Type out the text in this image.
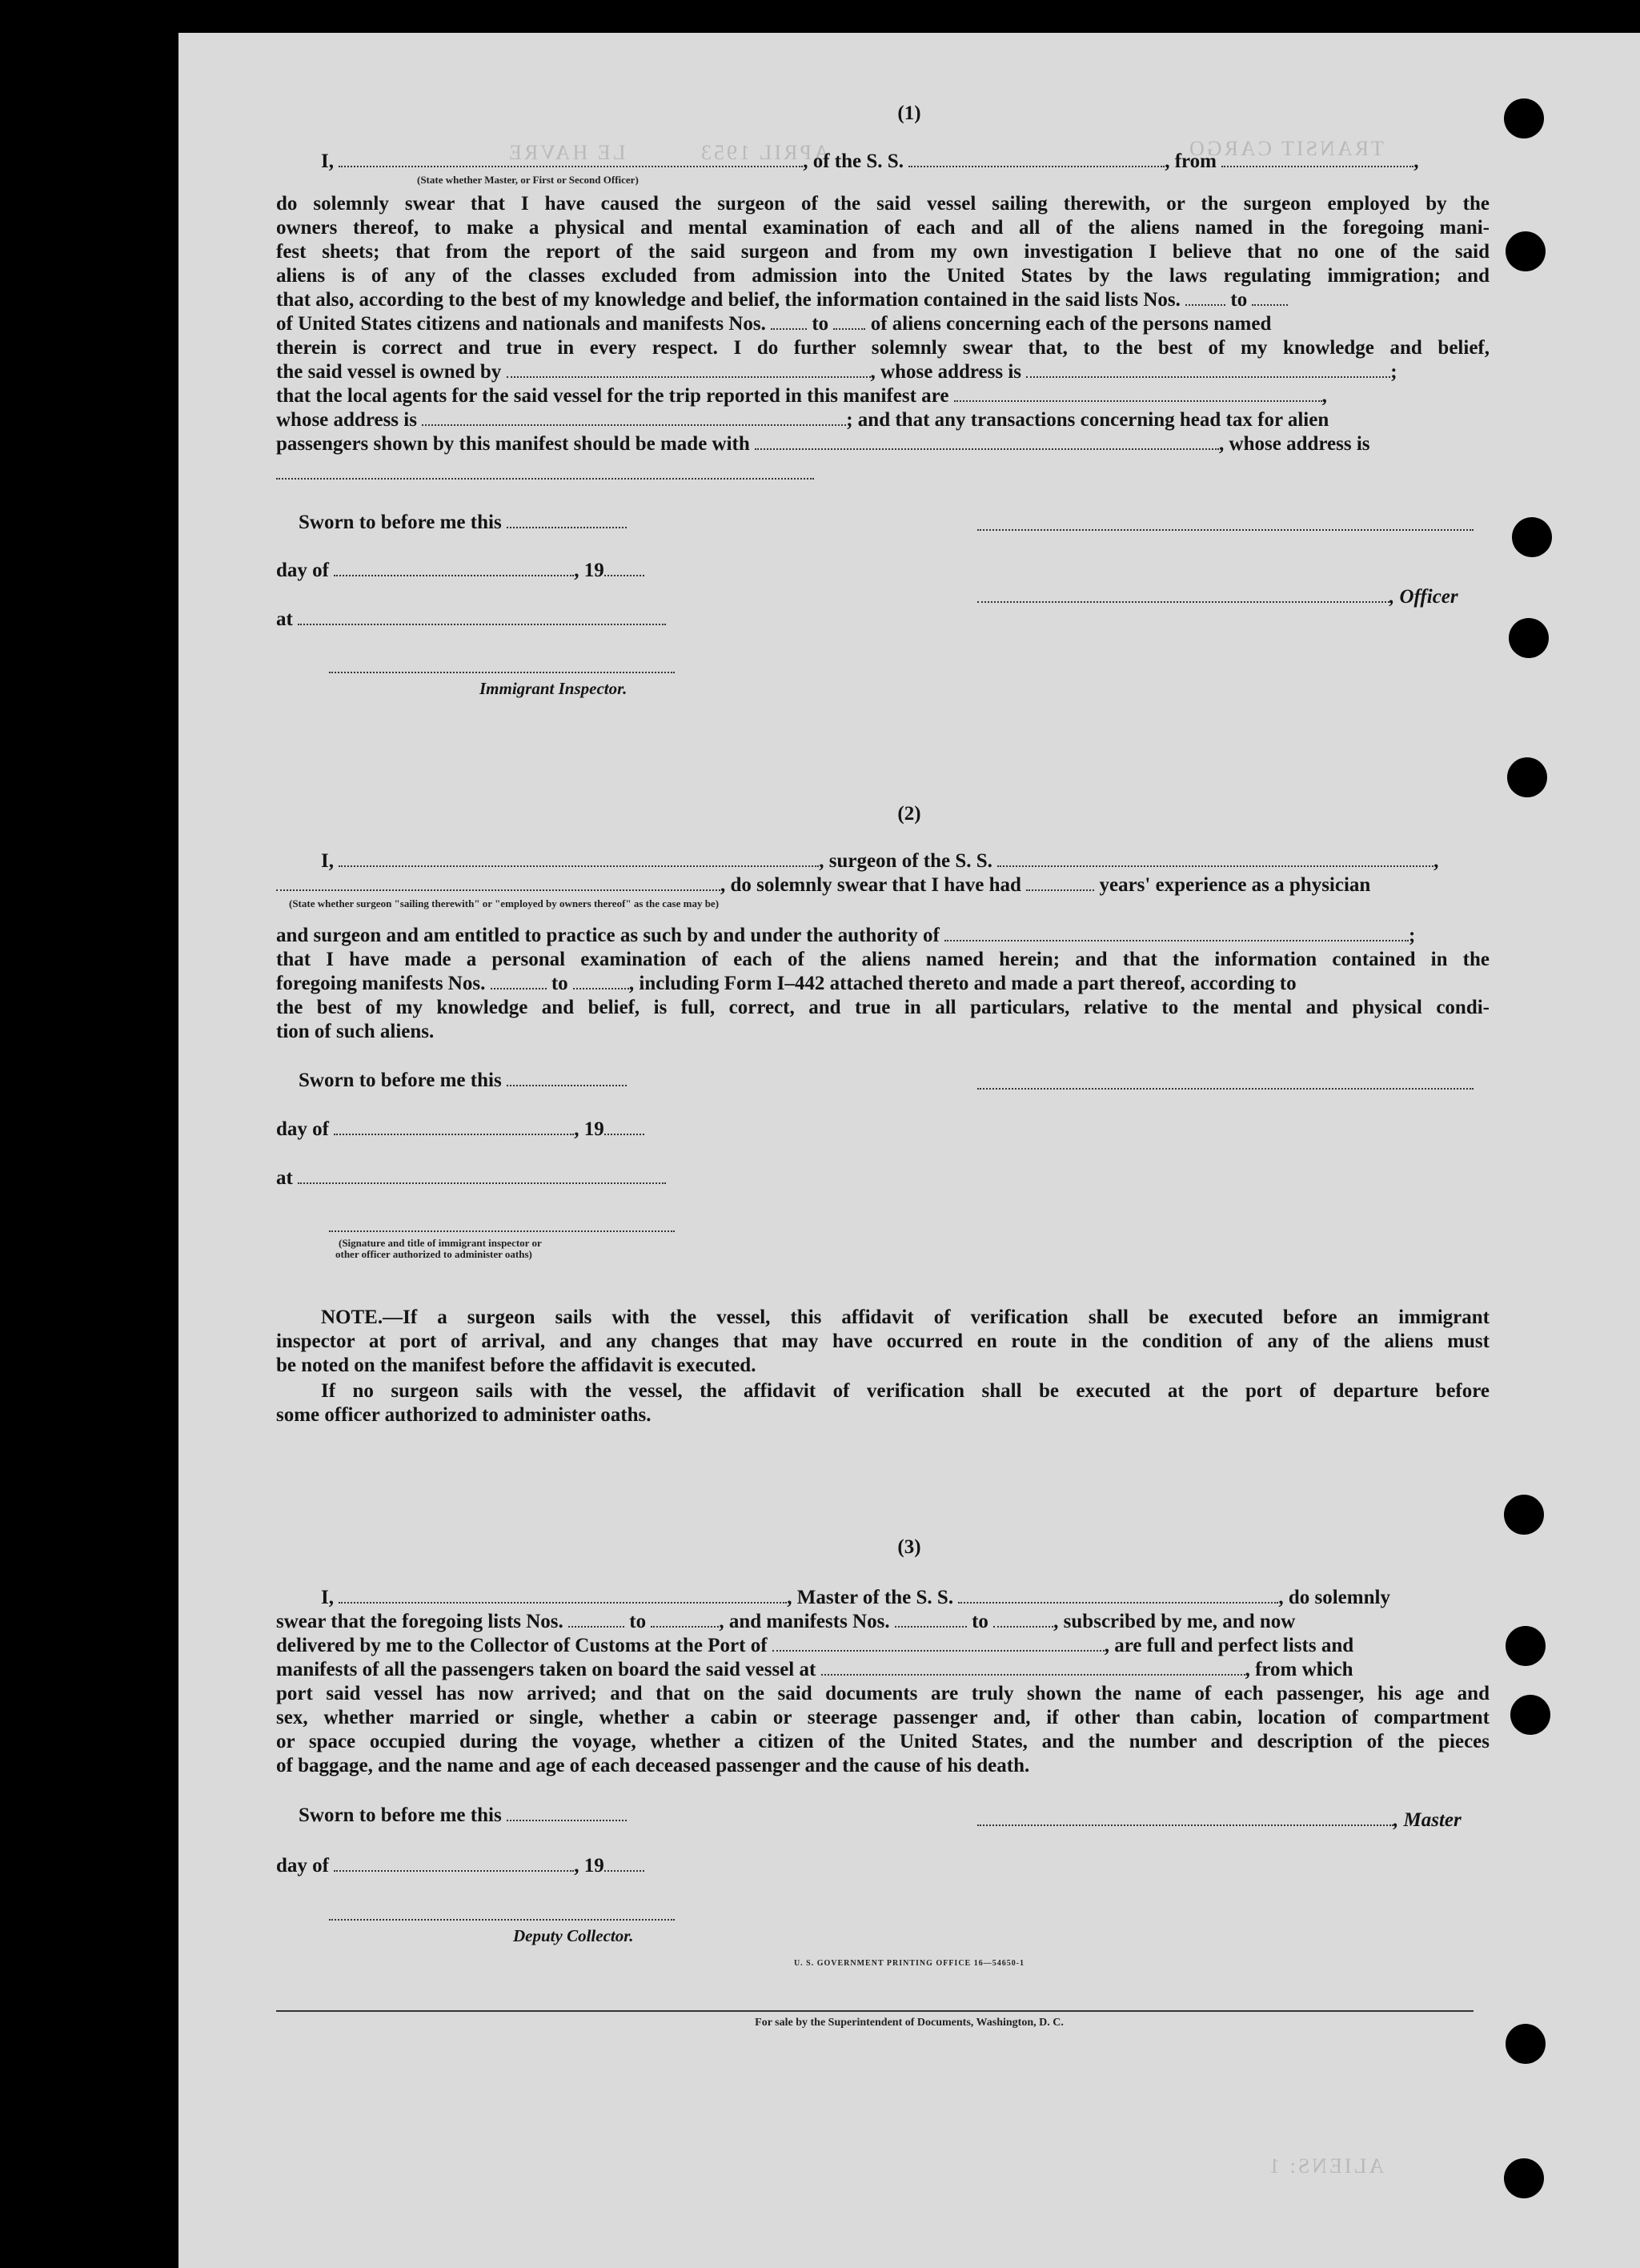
TRANSIT CARGO
LE HAVRE	APRIL 1953
ALIENS: 1
(1)
I,	, of the S. S.	, from	,
(State whether Master, or First or Second Officer)
do solemnly swear that I have caused the surgeon of the said vessel sailing therewith, or the surgeon employed by the
owners thereof, to make a physical and mental examination of each and all of the aliens named in the foregoing mani-
fest sheets; that from the report of the said surgeon and from my own investigation I believe that no one of the said
aliens is of any of the classes excluded from admission into the United States by the laws regulating immigration; and
that also, according to the best of my knowledge and belief, the information contained in the said lists Nos.	to
of United States citizens and nationals and manifests Nos. to of aliens concerning each of the persons named
therein is correct and true in every respect. I do further solemnly swear that, to the best of my knowledge and belief,
the said vessel is owned by	, whose address is	;
that the local agents for the said vessel for the trip reported in this manifest are	,
whose address is	; and that any transactions concerning head tax for alien
passengers shown by this manifest should be made with	, whose address is
Sworn to before me this
day of	, 19
, Officer
at
Immigrant Inspector.
(2)
I,	, surgeon of the S. S.	,
, do solemnly swear that I have had	years' experience as a physician
(State whether surgeon "sailing therewith" or "employed by owners thereof" as the case may be)
and surgeon and am entitled to practice as such by and under the authority of	;
that I have made a personal examination of each of the aliens named herein; and that the information contained in the
foregoing manifests Nos.	to	, including Form I–442 attached thereto and made a part thereof, according to
the best of my knowledge and belief, is full, correct, and true in all particulars, relative to the mental and physical condi-
tion of such aliens.
Sworn to before me this
day of	, 19
at
(Signature and title of immigrant inspector or
other officer authorized to administer oaths)
NOTE.—If a surgeon sails with the vessel, this affidavit of verification shall be executed before an immigrant
inspector at port of arrival, and any changes that may have occurred en route in the condition of any of the aliens must
be noted on the manifest before the affidavit is executed.
If no surgeon sails with the vessel, the affidavit of verification shall be executed at the port of departure before
some officer authorized to administer oaths.
(3)
I,	, Master of the S. S.	, do solemnly
swear that the foregoing lists Nos.	to	, and manifests Nos.	to	, subscribed by me, and now
delivered by me to the Collector of Customs at the Port of	, are full and perfect lists and
manifests of all the passengers taken on board the said vessel at	, from which
port said vessel has now arrived; and that on the said documents are truly shown the name of each passenger, his age and
sex, whether married or single, whether a cabin or steerage passenger and, if other than cabin, location of compartment
or space occupied during the voyage, whether a citizen of the United States, and the number and description of the pieces
of baggage, and the name and age of each deceased passenger and the cause of his death.
Sworn to before me this	, Master
day of	, 19
Deputy Collector.
U. S. GOVERNMENT PRINTING OFFICE 16—54650-1
For sale by the Superintendent of Documents, Washington, D. C.
